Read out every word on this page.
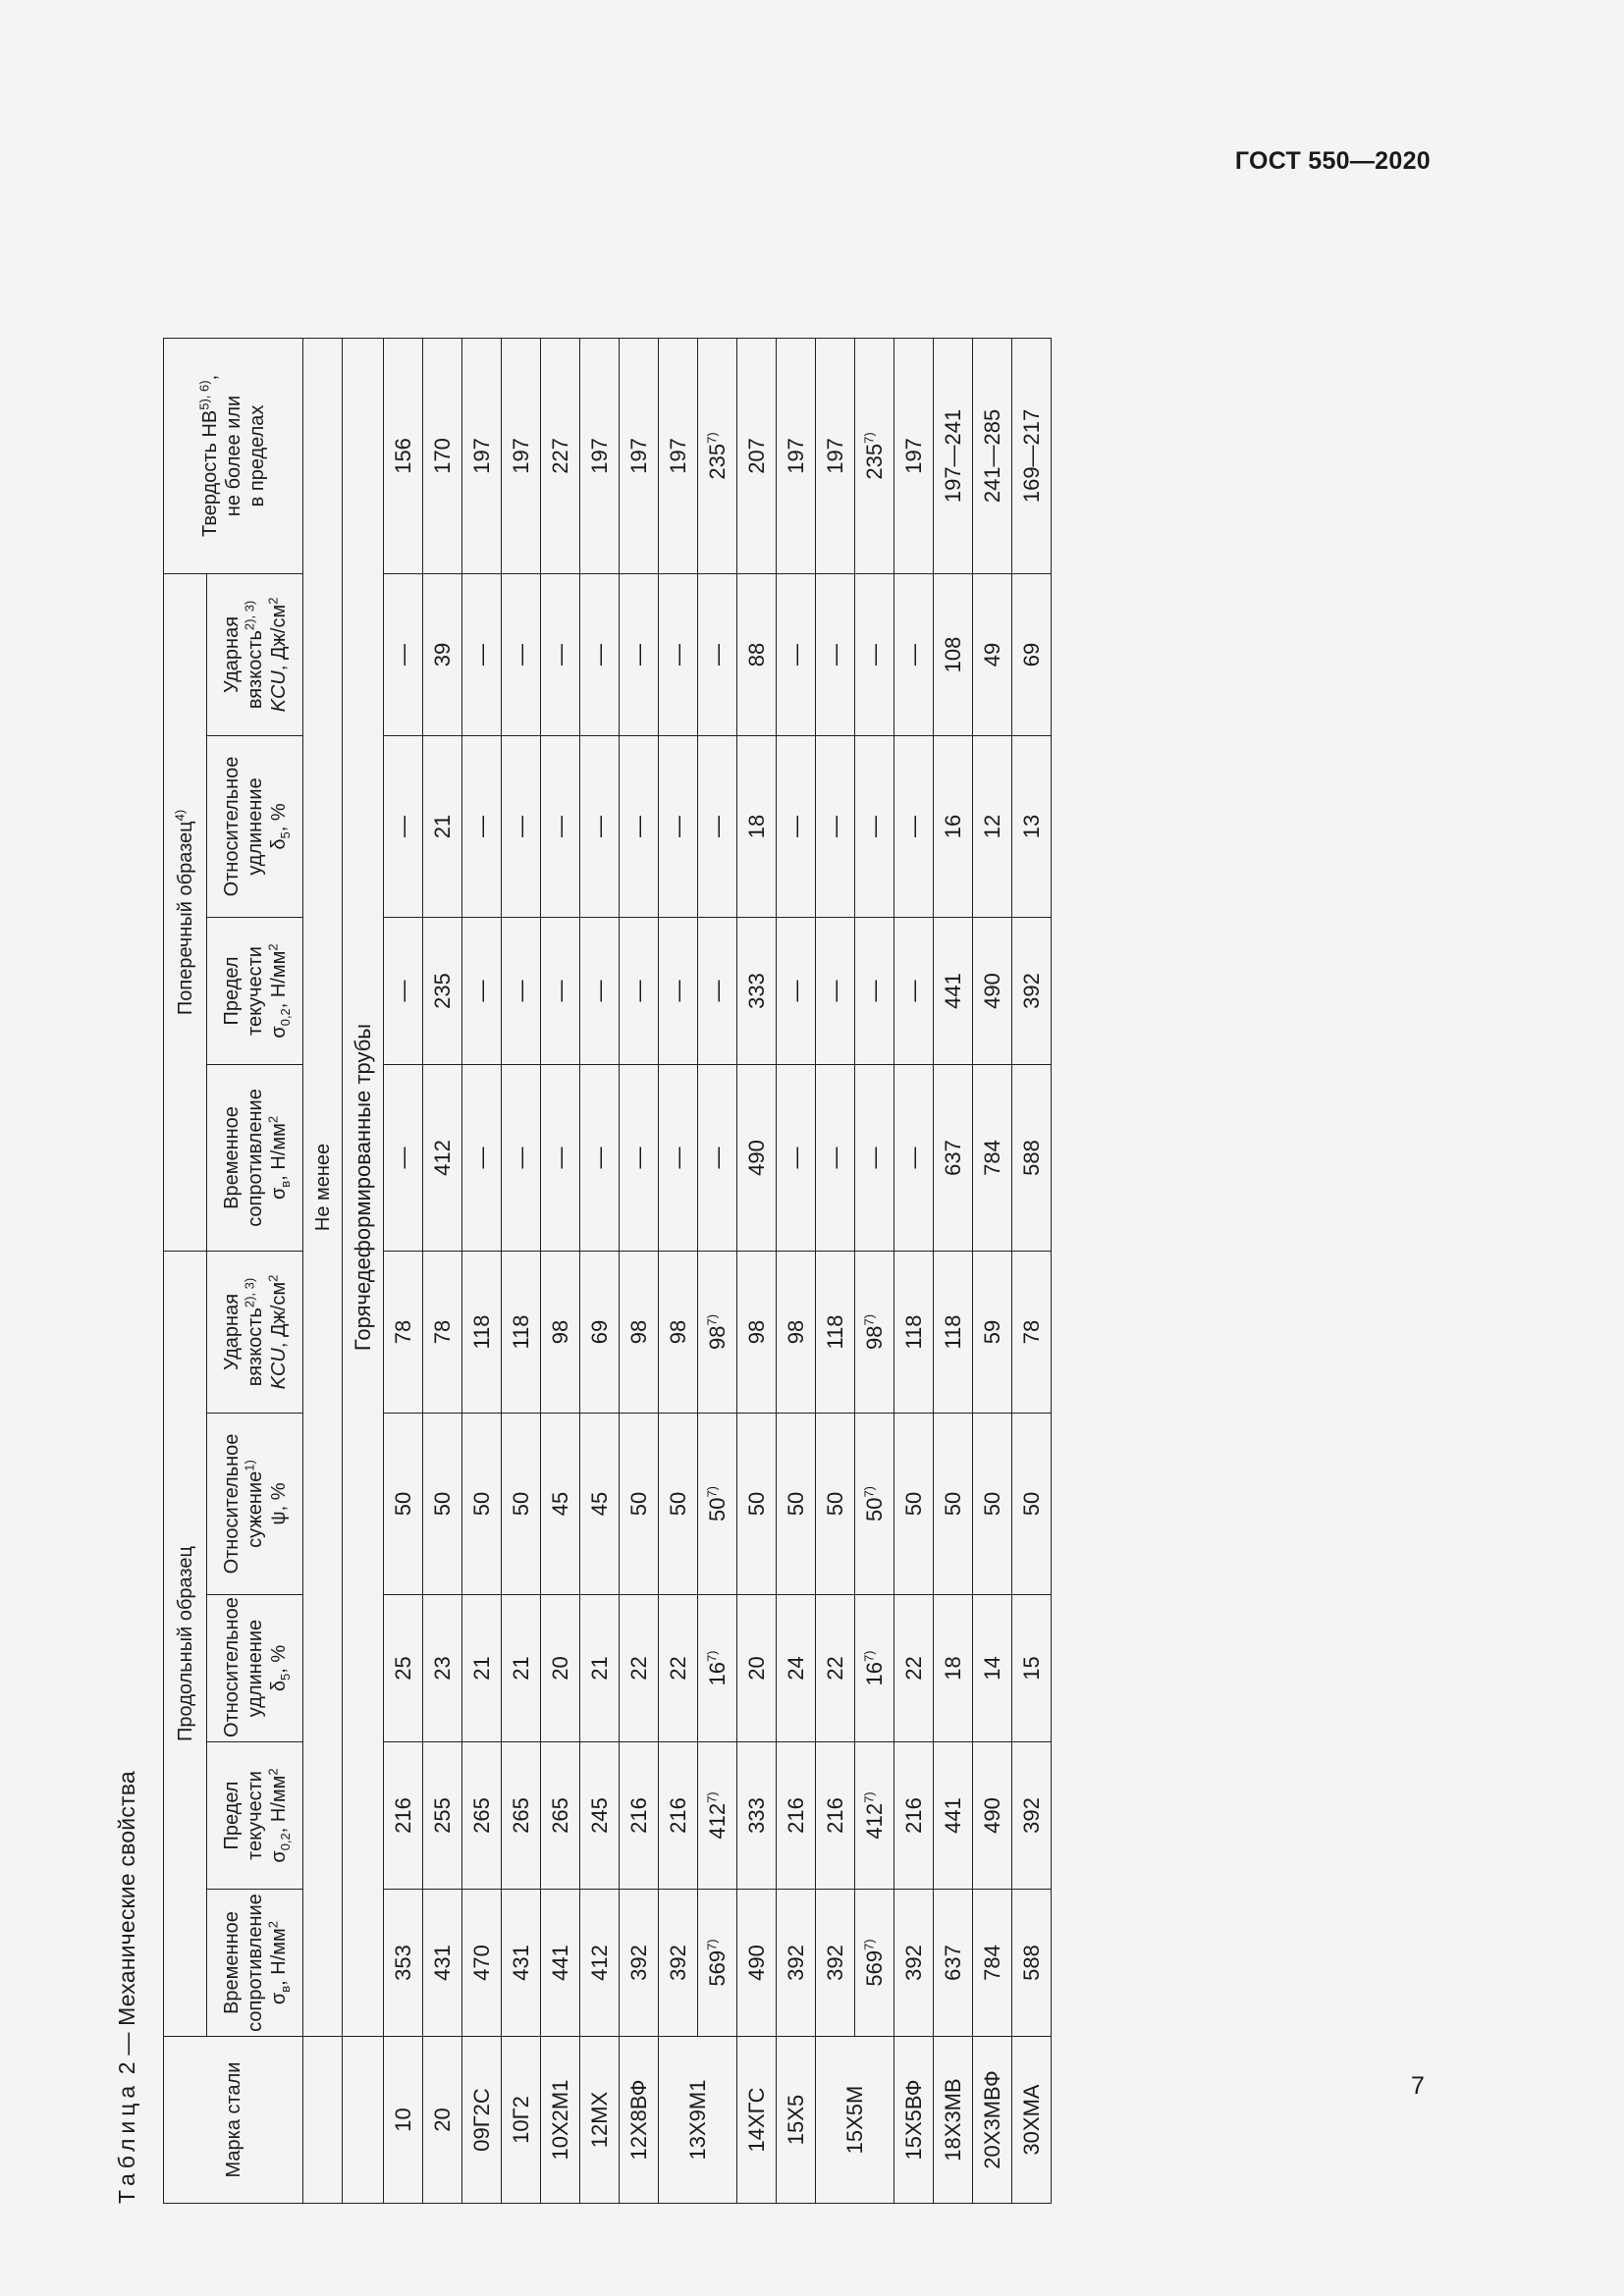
ГОСТ 550—2020
7
Таблица 2 — Механические свойства
Марка стали	Продольный образец					Поперечный образец$^{4)}$				Твердость $НВ^{5), 6)}$,
не более или в пределах
	Временное сопротивление $\sigma_в$, $Н/мм^2$	Предел текучести $\sigma_{0,2}$, $Н/мм^2$	Относительное удлинение $\delta_5$, %	Относительное сужение$^{1)}$
ψ, %	Ударная вязкость$^{2), 3)}$
KCU, $Дж/см^2$	Временное сопротивление $\sigma_в$, $Н/мм^2$	Предел текучести $\sigma_{0,2}$, $Н/мм^2$	Относительное удлинение $\delta_5$, %	Ударная вязкость$^{2), 3)}$
KCU, $Дж/см^2$
	Не менее									
	Горячедеформированные трубы									
10	353	216	25	50	78	—	—	—	—	156
20	431	255	23	50	78	412	235	21	39	170
09Г2С	470	265	21	50	118	—	—	—	—	197
10Г2	431	265	21	50	118	—	—	—	—	197
10Х2М1	441	265	20	45	98	—	—	—	—	227
12МХ	412	245	21	45	69	—	—	—	—	197
12Х8ВФ	392	216	22	50	98	—	—	—	—	197
13Х9М1	392	216	22	50	98	—	—	—	—	197
	569$^{7)}$	412$^{7)}$	16$^{7)}$	50$^{7)}$	98$^{7)}$	—	—	—	—	235$^{7)}$
14ХГС	490	333	20	50	98	490	333	18	88	207
15Х5	392	216	24	50	98	—	—	—	—	197
15Х5М	392	216	22	50	118	—	—	—	—	197
	569$^{7)}$	412$^{7)}$	16$^{7)}$	50$^{7)}$	98$^{7)}$	—	—	—	—	235$^{7)}$
15Х5ВФ	392	216	22	50	118	—	—	—	—	197
18Х3МВ	637	441	18	50	118	637	441	16	108	197—241
20Х3МВФ	784	490	14	50	59	784	490	12	49	241—285
30ХМА	588	392	15	50	78	588	392	13	69	169—217
